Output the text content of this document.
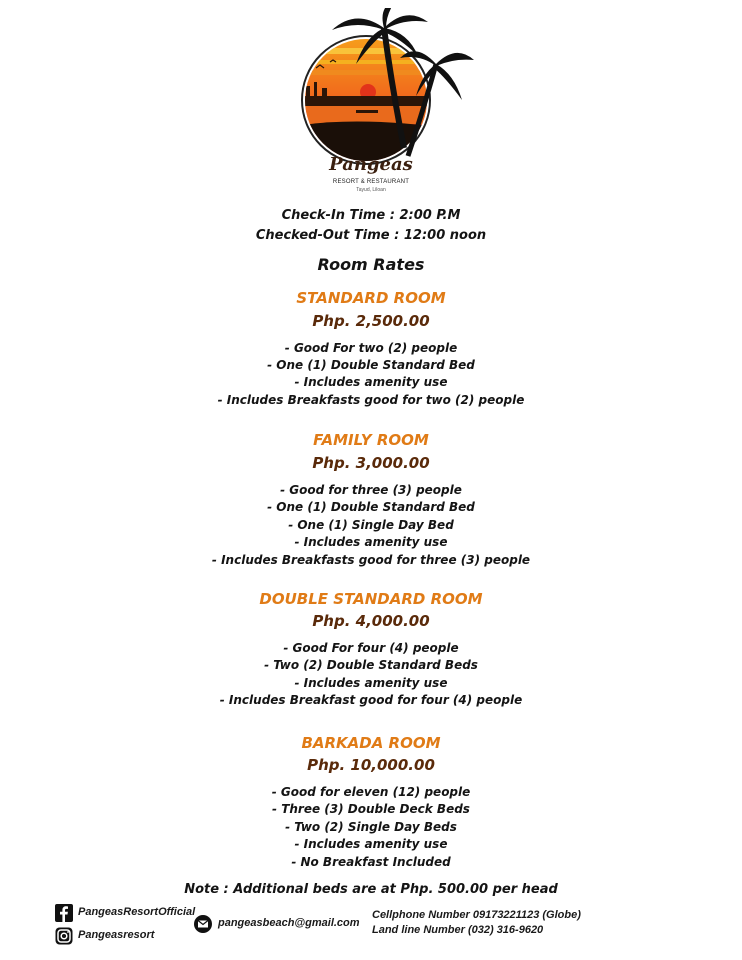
Pangeas
RESORT & RESTAURANT
Tayud, Liloan
Check-In Time : 2:00 P.M
Checked-Out Time : 12:00 noon
Room Rates
STANDARD ROOM
Php. 2,500.00
- Good For two (2) people
- One (1) Double Standard Bed
- Includes amenity use
- Includes Breakfasts good for two (2) people
FAMILY ROOM
Php. 3,000.00
- Good for three (3) people
- One (1) Double Standard Bed
- One (1) Single Day Bed
- Includes amenity use
- Includes Breakfasts good for three (3) people
DOUBLE STANDARD ROOM
Php. 4,000.00
- Good For four (4) people
- Two (2) Double Standard Beds
- Includes amenity use
- Includes Breakfast good for four (4) people
BARKADA ROOM
Php. 10,000.00
- Good for eleven (12) people
- Three (3) Double Deck Beds
- Two (2) Single Day Beds
- Includes amenity use
- No Breakfast Included
Note : Additional beds are at Php. 500.00 per head
PangeasResortOfficial
Pangeasresort
pangeasbeach@gmail.com
Cellphone Number 09173221123 (Globe)
Land line Number (032) 316-9620
